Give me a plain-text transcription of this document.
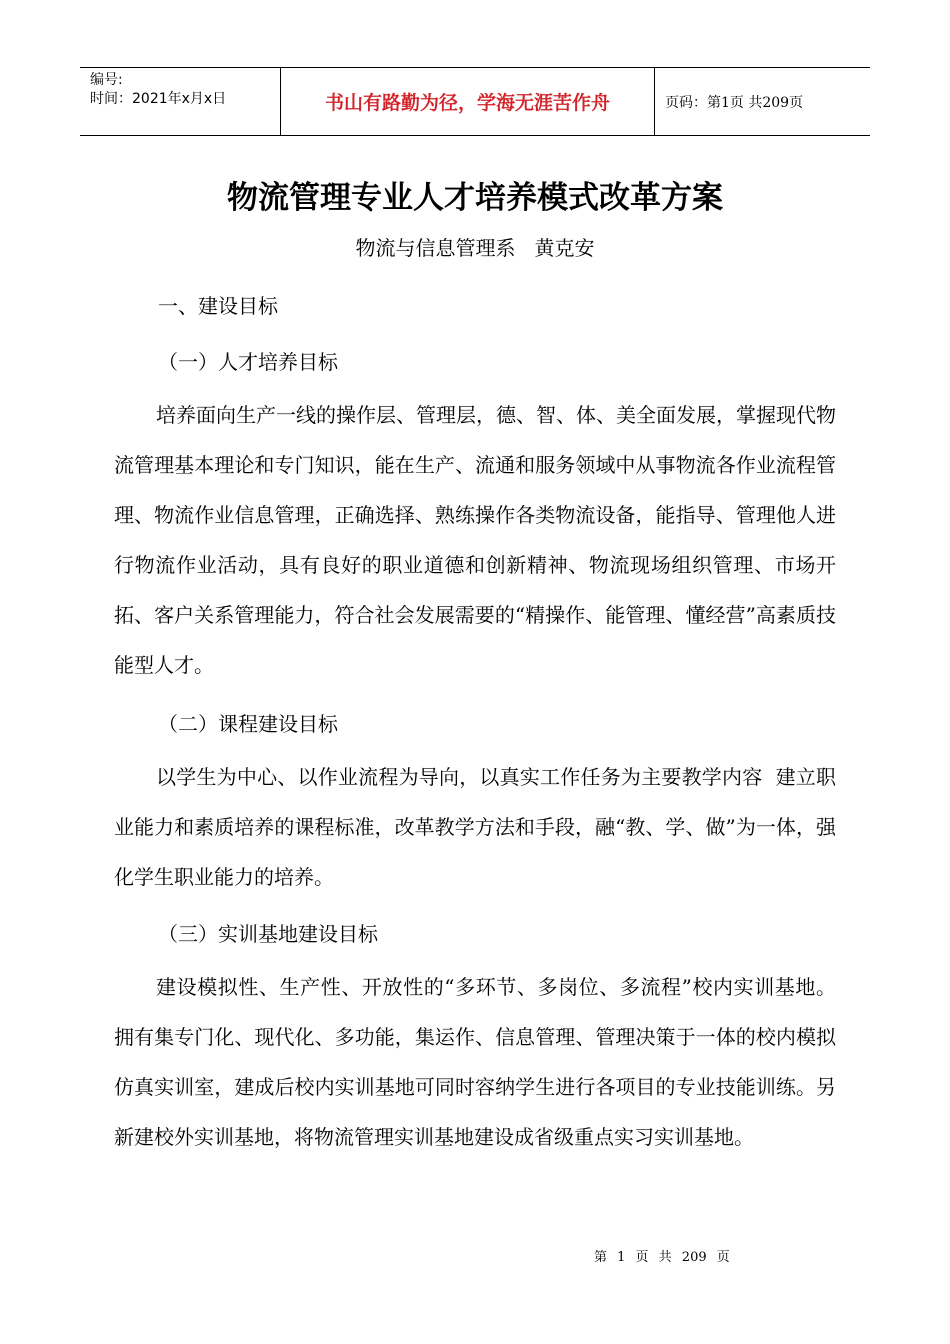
编号:
时间：2021年x月x日	书山有路勤为径，学海无涯苦作舟	页码：第1页 共209页
物流管理专业人才培养模式改革方案
物流与信息管理系   黄克安
一、建设目标
（一）人才培养目标
培养面向生产一线的操作层、管理层，德、智、体、美全面发展，掌握现代物流管理基本理论和专门知识，能在生产、流通和服务领域中从事物流各作业流程管理、物流作业信息管理，正确选择、熟练操作各类物流设备，能指导、管理他人进行物流作业活动，具有良好的职业道德和创新精神、物流现场组织管理、市场开拓、客户关系管理能力，符合社会发展需要的“精操作、能管理、懂经营”高素质技能型人才。
（二）课程建设目标
以学生为中心、以作业流程为导向，以真实工作任务为主要教学内容  建立职业能力和素质培养的课程标准，改革教学方法和手段，融“教、学、做”为一体，强化学生职业能力的培养。
（三）实训基地建设目标
建设模拟性、生产性、开放性的“多环节、多岗位、多流程”校内实训基地。拥有集专门化、现代化、多功能，集运作、信息管理、管理决策于一体的校内模拟仿真实训室，建成后校内实训基地可同时容纳学生进行各项目的专业技能训练。另新建校外实训基地，将物流管理实训基地建设成省级重点实习实训基地。
第 1 页 共 209 页
